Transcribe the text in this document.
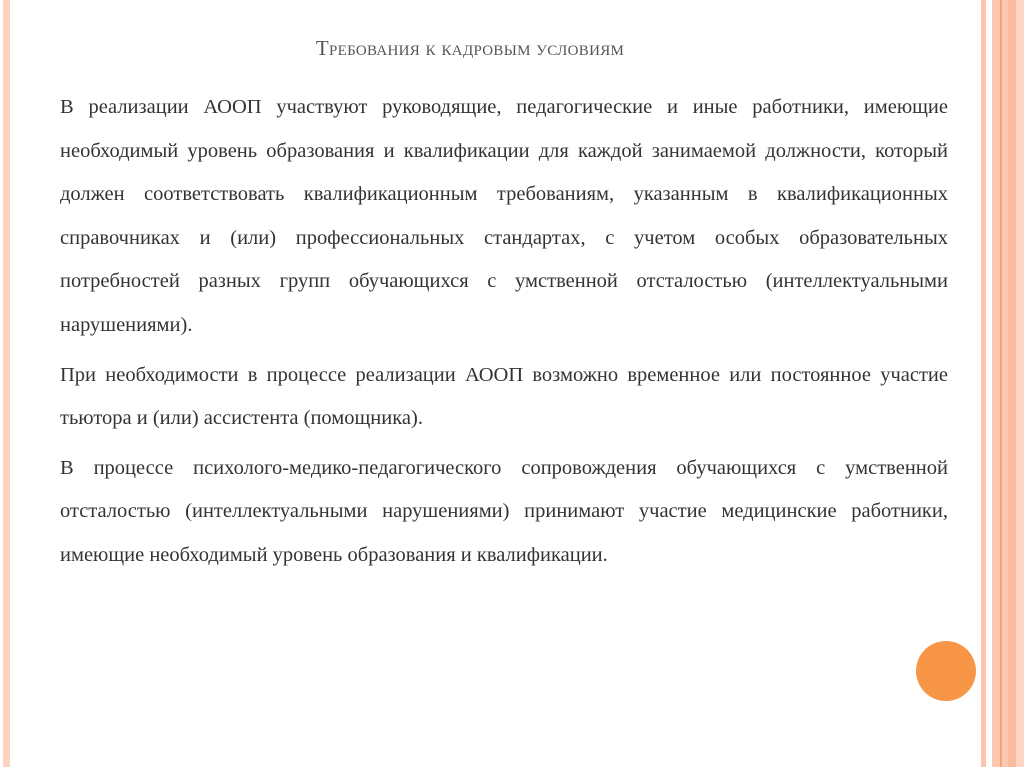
Требования к кадровым условиям

В реализации АООП участвуют руководящие, педагогические и иные работники, имеющие необходимый уровень образования и квалификации для каждой занимаемой должности, который должен соответствовать квалификационным требованиям, указанным в квалификационных справочниках и (или) профессиональных стандартах, с учетом особых образовательных потребностей разных групп обучающихся с умственной отсталостью (интеллектуальными нарушениями).

При необходимости в процессе реализации АООП возможно временное или постоянное участие тьютора и (или) ассистента (помощника).

В процессе психолого-медико-педагогического сопровождения обучающихся с умственной отсталостью (интеллектуальными нарушениями) принимают участие медицинские работники, имеющие необходимый уровень образования и квалификации.
